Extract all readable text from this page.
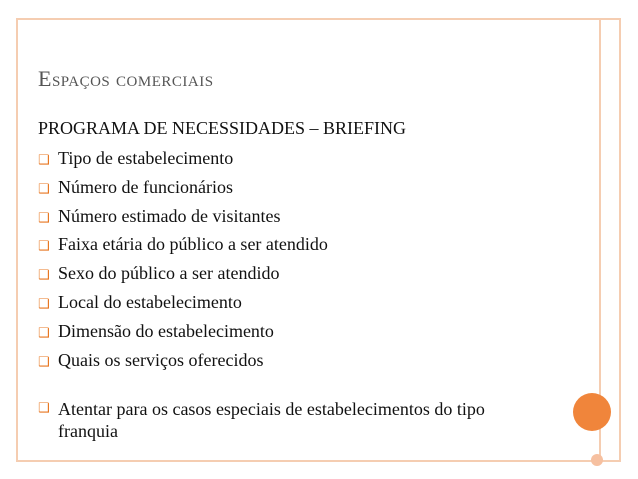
Espaços comerciais
PROGRAMA DE NECESSIDADES – BRIEFING
❑ Tipo de estabelecimento
❑ Número de funcionários
❑ Número estimado de visitantes
❑ Faixa etária do público a ser atendido
❑ Sexo do público a ser atendido
❑ Local do estabelecimento
❑ Dimensão do estabelecimento
❑ Quais os serviços oferecidos
❑ Atentar para os casos especiais de estabelecimentos do tipo franquia
